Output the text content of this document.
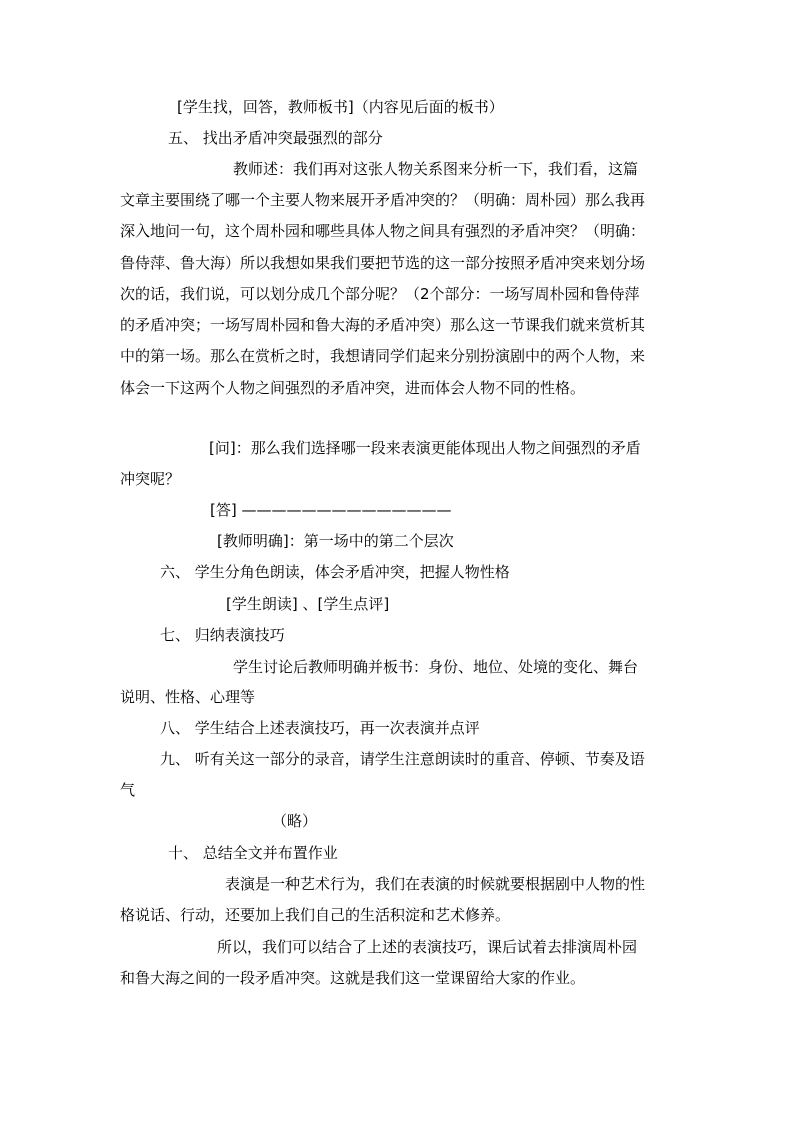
[学生找，回答，教师板书]（内容见后面的板书）
五、 找出矛盾冲突最强烈的部分
教师述：我们再对这张人物关系图来分析一下，我们看，这篇
文章主要围绕了哪一个主要人物来展开矛盾冲突的？（明确：周朴园）那么我再
深入地问一句，这个周朴园和哪些具体人物之间具有强烈的矛盾冲突？（明确：
鲁侍萍、鲁大海）所以我想如果我们要把节选的这一部分按照矛盾冲突来划分场
次的话，我们说，可以划分成几个部分呢？（2个部分：一场写周朴园和鲁侍萍
的矛盾冲突；一场写周朴园和鲁大海的矛盾冲突）那么这一节课我们就来赏析其
中的第一场。那么在赏析之时，我想请同学们起来分别扮演剧中的两个人物，来
体会一下这两个人物之间强烈的矛盾冲突，进而体会人物不同的性格。
[问]：那么我们选择哪一段来表演更能体现出人物之间强烈的矛盾
冲突呢？
[答] ——————————————
[教师明确]：第一场中的第二个层次
六、 学生分角色朗读，体会矛盾冲突，把握人物性格
[学生朗读] 、[学生点评]
七、 归纳表演技巧
学生讨论后教师明确并板书：身份、地位、处境的变化、舞台
说明、性格、心理等
八、 学生结合上述表演技巧，再一次表演并点评
九、 听有关这一部分的录音，请学生注意朗读时的重音、停顿、节奏及语
气
（略）
十、 总结全文并布置作业
表演是一种艺术行为，我们在表演的时候就要根据剧中人物的性
格说话、行动，还要加上我们自己的生活积淀和艺术修养。
所以，我们可以结合了上述的表演技巧，课后试着去排演周朴园
和鲁大海之间的一段矛盾冲突。这就是我们这一堂课留给大家的作业。
